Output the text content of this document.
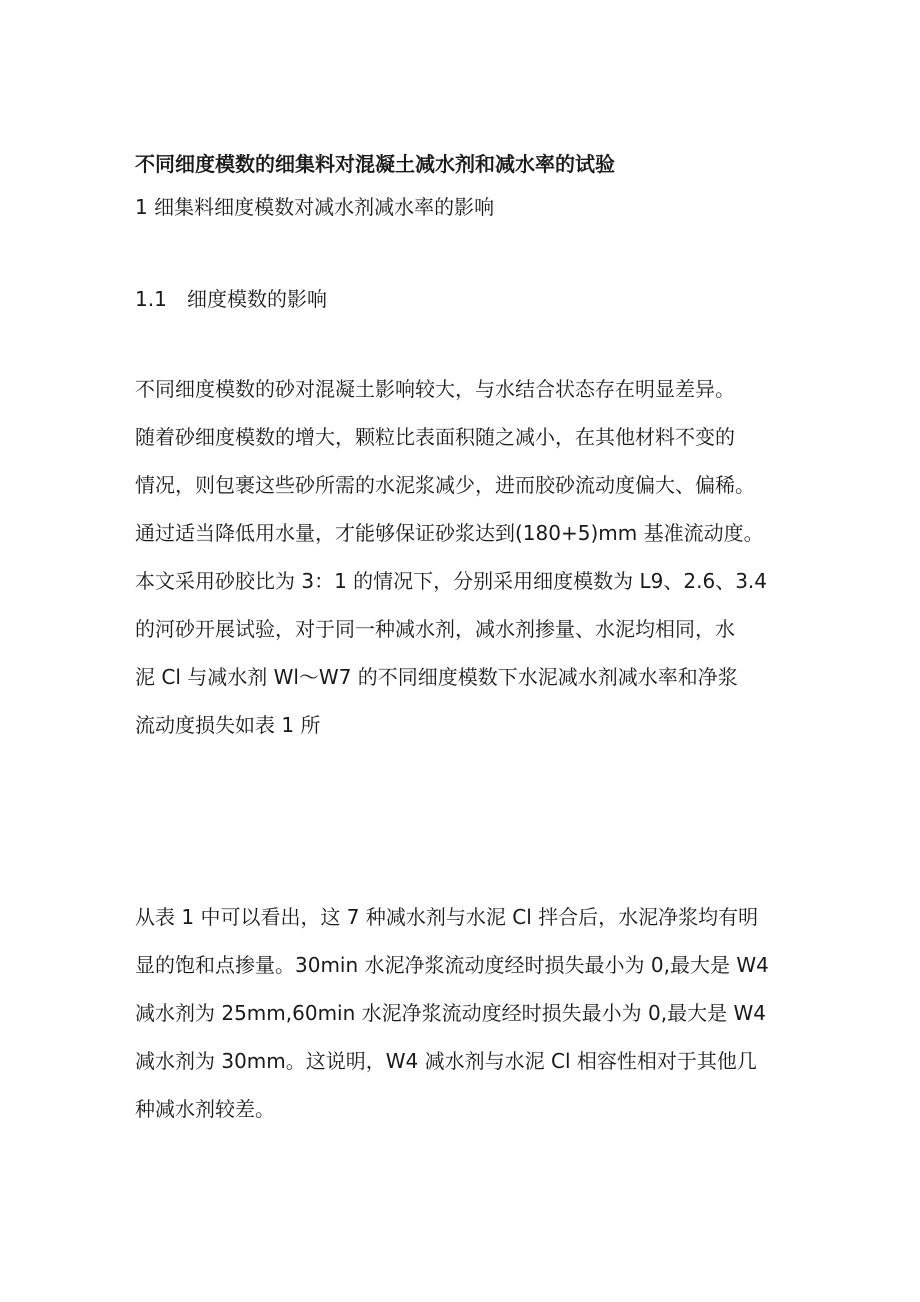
不同细度模数的细集料对混凝土减水剂和减水率的试验
1 细集料细度模数对减水剂减水率的影响
1.1 细度模数的影响
不同细度模数的砂对混凝土影响较大，与水结合状态存在明显差异。
随着砂细度模数的增大，颗粒比表面积随之减小，在其他材料不变的
情况，则包裹这些砂所需的水泥浆减少，进而胶砂流动度偏大、偏稀。
通过适当降低用水量，才能够保证砂浆达到(180+5)mm 基准流动度。
本文采用砂胶比为 3：1 的情况下，分别采用细度模数为 L9、2.6、3.4
的河砂开展试验，对于同一种减水剂，减水剂掺量、水泥均相同，水
泥 Cl 与减水剂 Wl～W7 的不同细度模数下水泥减水剂减水率和净浆
流动度损失如表 1 所
从表 1 中可以看出，这 7 种减水剂与水泥 Cl 拌合后，水泥净浆均有明
显的饱和点掺量。30min 水泥净浆流动度经时损失最小为 0,最大是 W4
减水剂为 25mm,60min 水泥净浆流动度经时损失最小为 0,最大是 W4
减水剂为 30mm。这说明，W4 减水剂与水泥 Cl 相容性相对于其他几
种减水剂较差。
